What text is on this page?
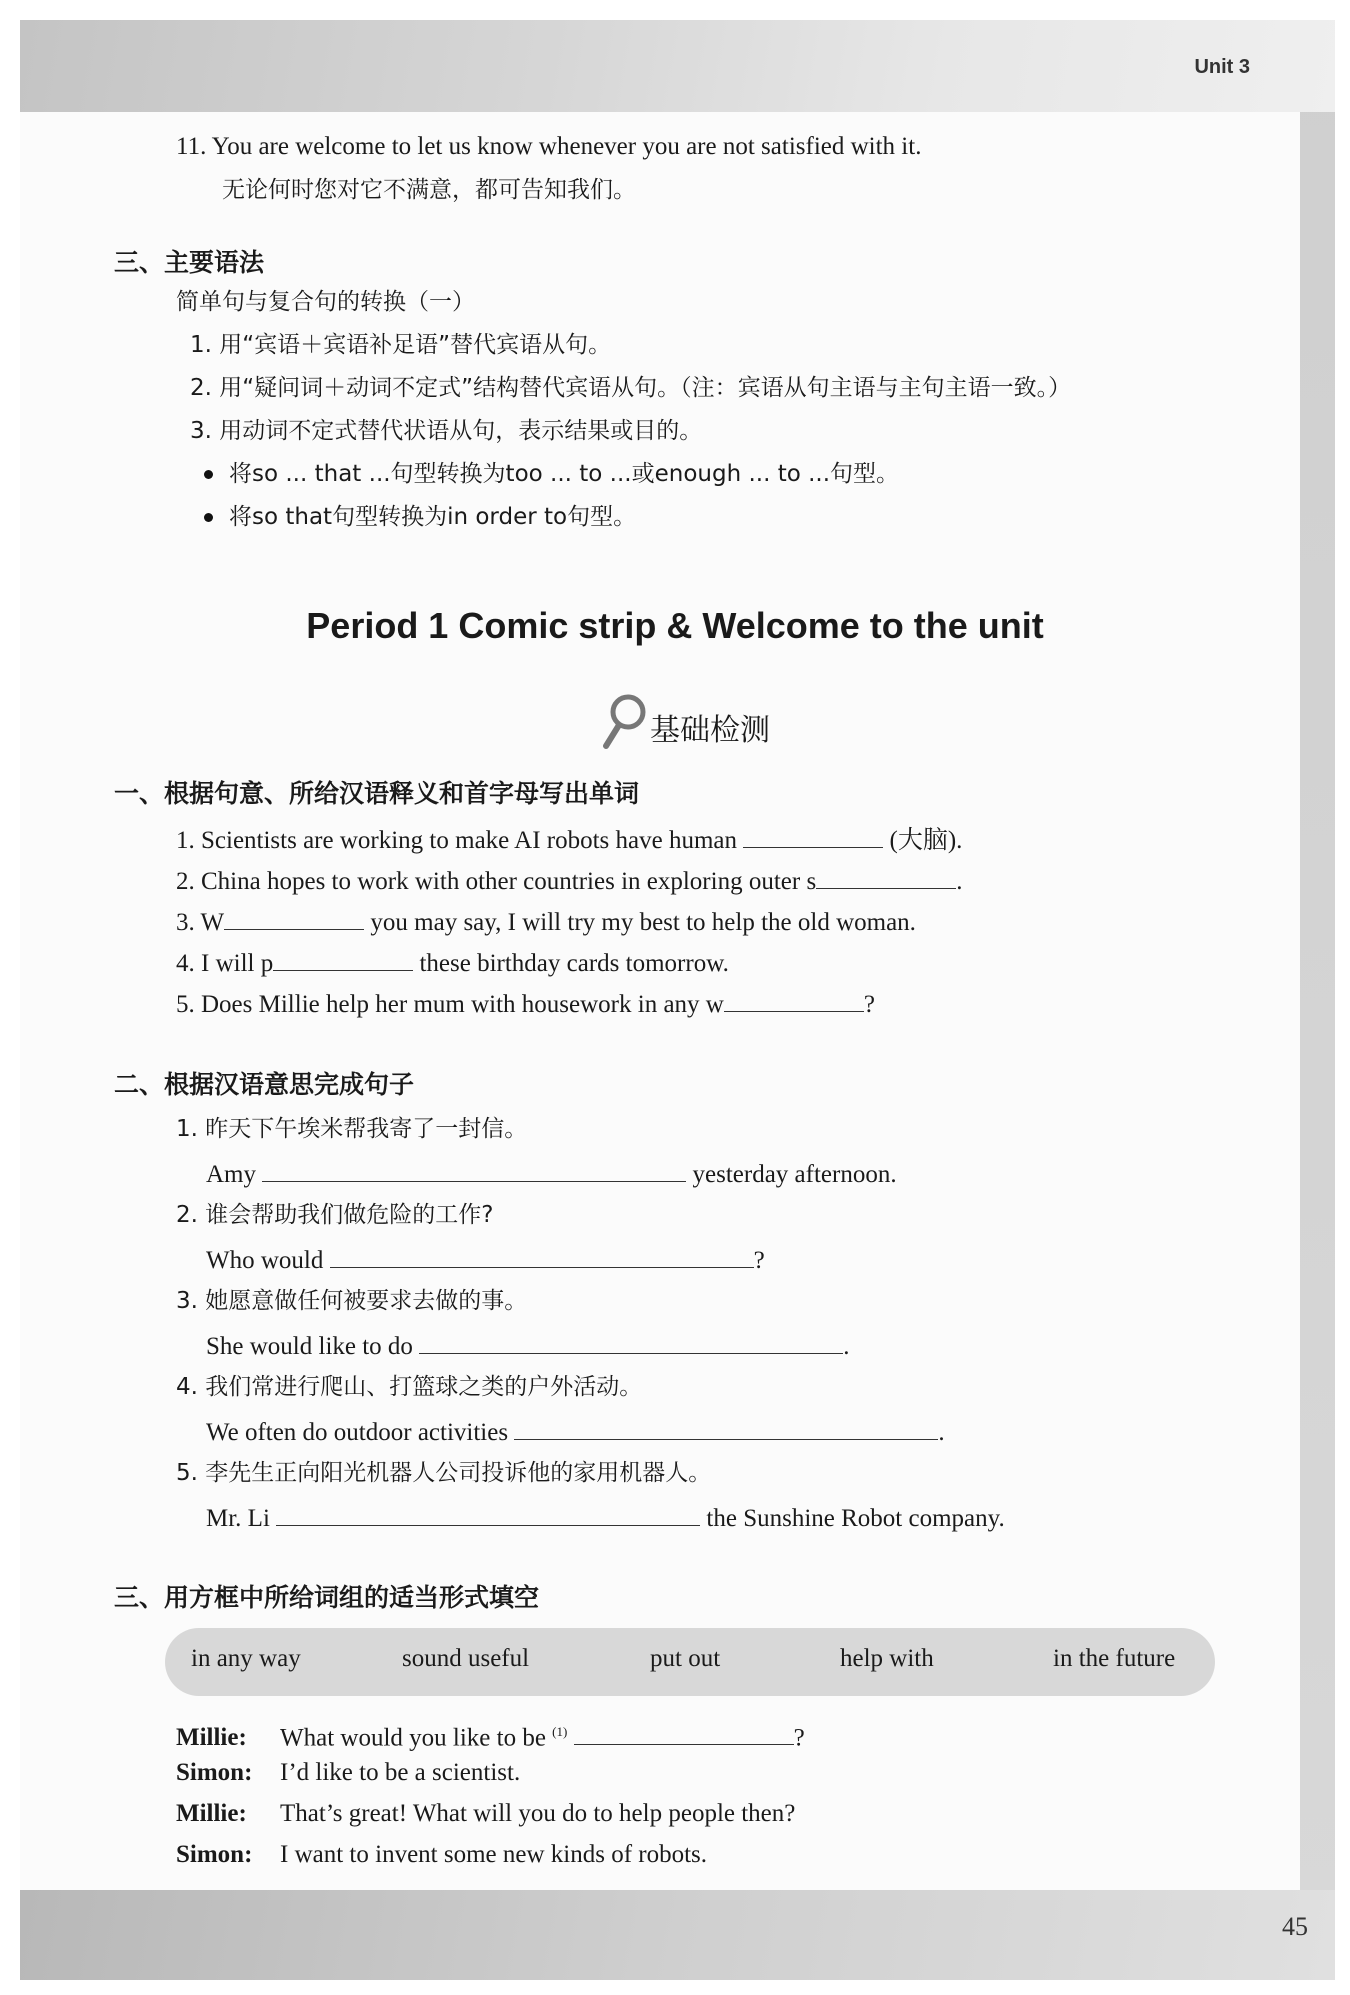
Unit 3
45
11. You are welcome to let us know whenever you are not satisfied with it.
无论何时您对它不满意，都可告知我们。
三、主要语法
简单句与复合句的转换（一）
1. 用“宾语＋宾语补足语”替代宾语从句。
2. 用“疑问词＋动词不定式”结构替代宾语从句。（注：宾语从句主语与主句主语一致。）
3. 用动词不定式替代状语从句，表示结果或目的。
将so ... that ...句型转换为too ... to ...或enough ... to ...句型。
将so that句型转换为in order to句型。
Period 1 Comic strip & Welcome to the unit
基础检测
一、根据句意、所给汉语释义和首字母写出单词
1. Scientists are working to make AI robots have human	(大脑).
2. China hopes to work with other countries in exploring outer s	.
3. W	you may say, I will try my best to help the old woman.
4. I will p	these birthday cards tomorrow.
5. Does Millie help her mum with housework in any w	?
二、根据汉语意思完成句子
1. 昨天下午埃米帮我寄了一封信。
Amy	yesterday afternoon.
2. 谁会帮助我们做危险的工作?
Who would	?
3. 她愿意做任何被要求去做的事。
She would like to do	.
4. 我们常进行爬山、打篮球之类的户外活动。
We often do outdoor activities	.
5. 李先生正向阳光机器人公司投诉他的家用机器人。
Mr. Li	the Sunshine Robot company.
三、用方框中所给词组的适当形式填空
in any way	sound useful	put out	help with	in the future
Millie: What would you like to be $^{(1)}$	?
Simon: I’d like to be a scientist.
Millie: That’s great! What will you do to help people then?
Simon: I want to invent some new kinds of robots.
